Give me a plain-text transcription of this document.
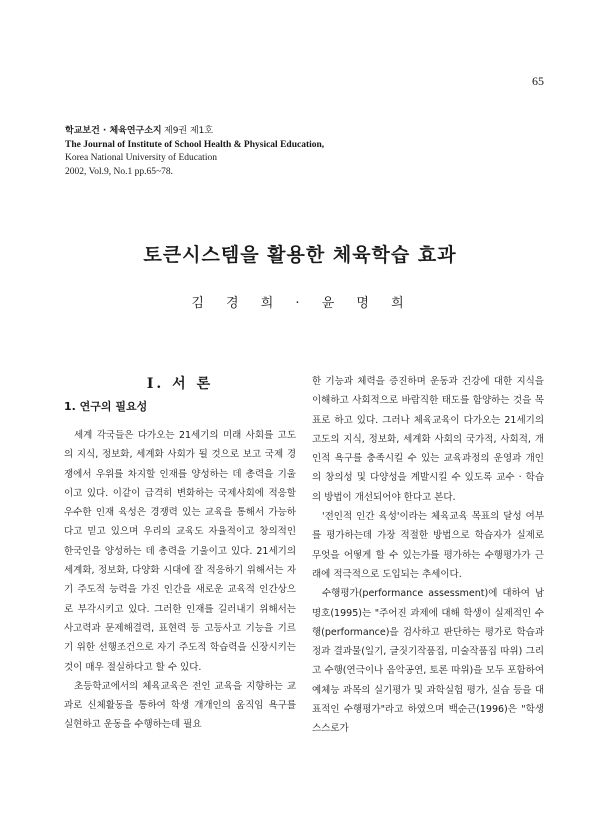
65
학교보건 · 체육연구소지 제9권 제1호
The Journal of Institute of School Health & Physical Education,
Korea National University of Education
2002, Vol.9, No.1 pp.65~78.
토큰시스템을 활용한 체육학습 효과
김 경 희 · 윤 명 희
I. 서 론
1. 연구의 필요성

세계 각국들은 다가오는 21세기의 미래 사회를 고도의 지식, 정보화, 세계화 사회가 될 것으로 보고 국제 경쟁에서 우위를 차지할 인재를 양성하는 데 총력을 기울이고 있다. 이같이 급격히 변화하는 국제사회에 적응할 우수한 인재 육성은 경쟁력 있는 교육을 통해서 가능하다고 믿고 있으며 우리의 교육도 자율적이고 창의적인 한국인을 양성하는 데 총력을 기울이고 있다. 21세기의 세계화, 정보화, 다양화 시대에 잘 적응하기 위해서는 자기 주도적 능력을 가진 인간을 새로운 교육적 인간상으로 부각시키고 있다. 그러한 인재를 길러내기 위해서는 사고력과 문제해결력, 표현력 등 고등사고 기능을 기르기 위한 선행조건으로 자기 주도적 학습력을 신장시키는 것이 매우 절실하다고 할 수 있다.

초등학교에서의 체육교육은 전인 교육을 지향하는 교과로 신체활동을 통하여 학생 개개인의 움직임 욕구를 실현하고 운동을 수행하는데 필요

한 기능과 체력을 증진하며 운동과 건강에 대한 지식을 이해하고 사회적으로 바람직한 태도를 함양하는 것을 목표로 하고 있다. 그러나 체육교육이 다가오는 21세기의 고도의 지식, 정보화, 세계화 사회의 국가적, 사회적, 개인적 욕구를 충족시킬 수 있는 교육과정의 운영과 개인의 창의성 및 다양성을 계발시킬 수 있도록 교수 · 학습의 방법이 개선되어야 한다고 본다.

'전인적 인간 육성'이라는 체육교육 목표의 달성 여부를 평가하는데 가장 적절한 방법으로 학습자가 실제로 무엇을 어떻게 할 수 있는가를 평가하는 수행평가가 근래에 적극적으로 도입되는 추세이다.

수행평가(performance assessment)에 대하여 남명호(1995)는 "주어진 과제에 대해 학생이 실제적인 수행(performance)을 검사하고 판단하는 평가로 학습과정과 결과물(일기, 글짓기작품집, 미술작품집 따위) 그리고 수행(연극이나 음악공연, 토론 따위)을 모두 포함하여 예체능 과목의 실기평가 및 과학실험 평가, 실습 등을 대표적인 수행평가"라고 하였으며 백순근(1996)은 "학생 스스로가
